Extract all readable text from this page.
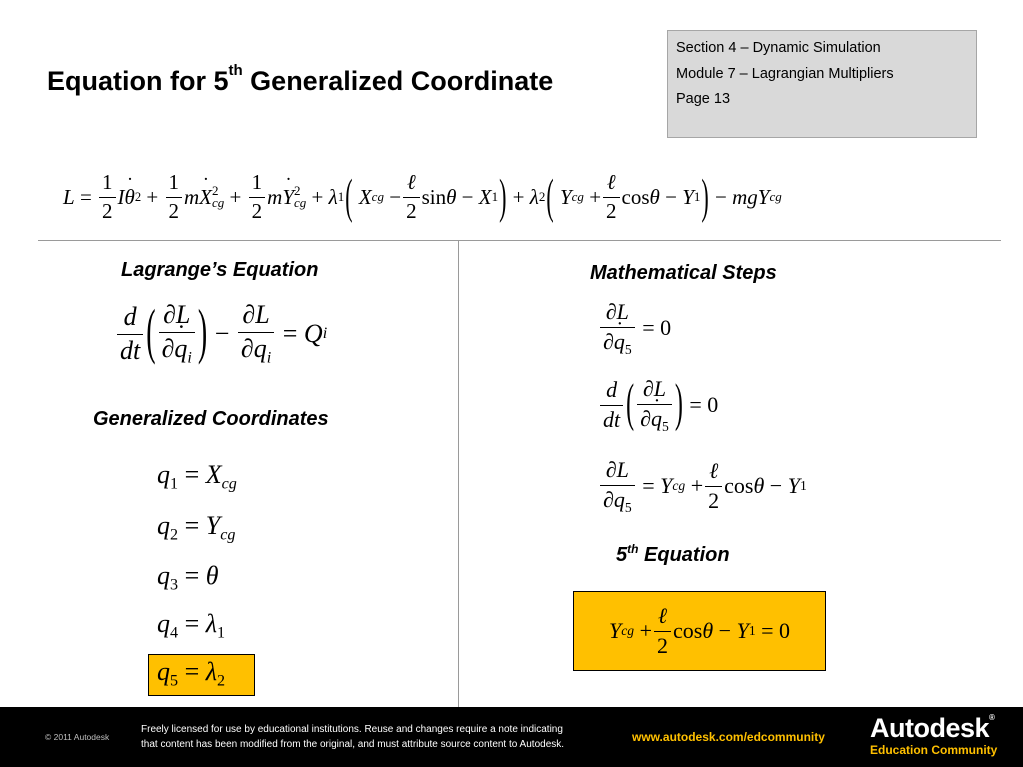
Equation for 5th Generalized Coordinate
Section 4 – Dynamic Simulation
Module 7 – Lagrangian Multipliers
Page 13
$L = \frac{1}{2}$ I θ ˙ $2 + \frac{1}{2}$ m X ˙ 2
cg + $\frac{1}{2}$ m Y ˙ 2
cg + λ 1 (
X cg − $\frac{\text{ℓ}}{2}$ sin θ − X 1 ) + λ 2 (
Y cg + $\frac{\text{ℓ}}{2}$ cos θ − Y 1 ) − mgY cg
Lagrange’s Equation
$\frac{d}{dt}$ ( $\frac{\partial L}{\partial q ˙_i}$ ) − $\frac{\partial L}{\partial q_i} = Q$ i
Generalized Coordinates
$q_1 = X_{cg}$
$q_2 = Y_{cg}$
$q_3 = \theta$
$q_4 = \lambda_1$
$q_5 = \lambda_2$
Mathematical Steps
$\frac{\partial L}{\partial q ˙_5} = 0$
$\frac{d}{dt}$ ( $\frac{\partial L}{\partial q ˙_5}$ ) = 0
$\frac{\partial L}{\partial q_5} = Y$ cg + $\frac{\text{ℓ}}{2}$ cos θ − Y 1
5th Equation
Y cg + $\frac{\text{ℓ}}{2}$ cos θ − Y 1 = 0
© 2011 Autodesk
Freely licensed for use by educational institutions. Reuse and changes require a note indicating
that content has been modified from the original, and must attribute source content to Autodesk.
www.autodesk.com/edcommunity Autodesk®
Education Community
